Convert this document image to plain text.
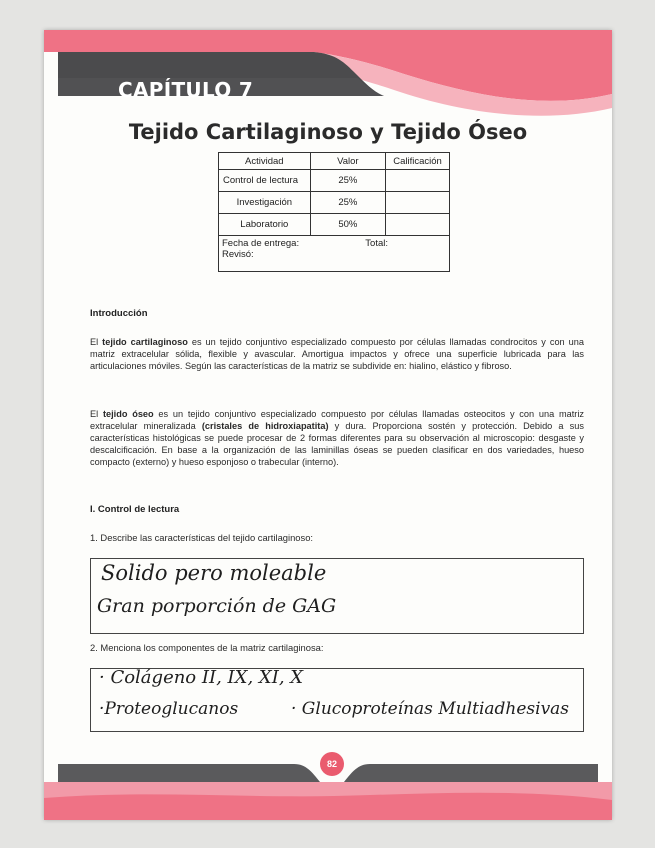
CAPÍTULO 7
Tejido Cartilaginoso y Tejido Óseo
Actividad	Valor	Calificación
Control de lectura	25%	
Investigación	25%	
Laboratorio	50%	

Fecha de entrega: Total:
Revisó:		
Introducción
El tejido cartilaginoso es un tejido conjuntivo especializado compuesto por células llamadas condrocitos y con una matriz extracelular sólida, flexible y avascular. Amortigua impactos y ofrece una superficie lubricada para las articulaciones móviles. Según las características de la matriz se subdivide en: hialino, elástico y fibroso.
El tejido óseo es un tejido conjuntivo especializado compuesto por células llamadas osteocitos y con una matriz extracelular mineralizada (cristales de hidroxiapatita) y dura. Proporciona sostén y protección. Debido a sus características histológicas se puede procesar de 2 formas diferentes para su observación al microscopio: desgaste y descalcificación. En base a la organización de las laminillas óseas se pueden clasificar en dos variedades, hueso compacto (externo) y hueso esponjoso o trabecular (interno).
I. Control de lectura
1. Describe las características del tejido cartilaginoso:
Solido pero moleable
Gran porporción de GAG
2. Menciona los componentes de la matriz cartilaginosa:
· Colágeno II, IX, XI, X
·Proteoglucanos	· Glucoproteínas Multiadhesivas
82
